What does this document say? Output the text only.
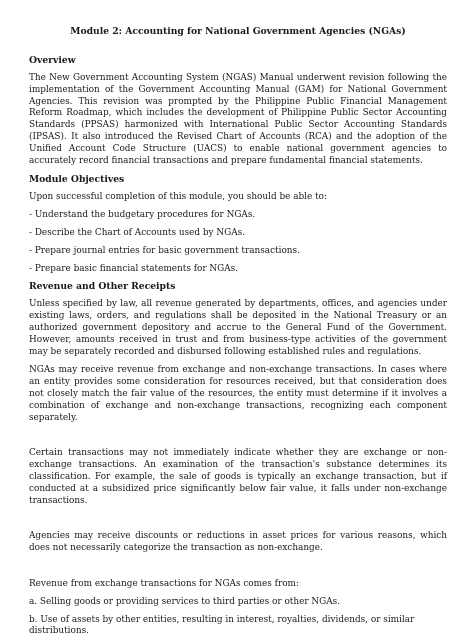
Module 2: Accounting for National Government Agencies (NGAs)
Overview
The New Government Accounting System (NGAS) Manual underwent revision following the implementation of the Government Accounting Manual (GAM) for National Government Agencies. This revision was prompted by the Philippine Public Financial Management Reform Roadmap, which includes the development of Philippine Public Sector Accounting Standards (PPSAS) harmonized with International Public Sector Accounting Standards (IPSAS). It also introduced the Revised Chart of Accounts (RCA) and the adoption of the Unified Account Code Structure (UACS) to enable national government agencies to accurately record financial transactions and prepare fundamental financial statements.
Module Objectives
Upon successful completion of this module, you should be able to:
- Understand the budgetary procedures for NGAs.
- Describe the Chart of Accounts used by NGAs.
- Prepare journal entries for basic government transactions.
- Prepare basic financial statements for NGAs.
Revenue and Other Receipts
Unless specified by law, all revenue generated by departments, offices, and agencies under existing laws, orders, and regulations shall be deposited in the National Treasury or an authorized government depository and accrue to the General Fund of the Government. However, amounts received in trust and from business-type activities of the government may be separately recorded and disbursed following established rules and regulations.
NGAs may receive revenue from exchange and non-exchange transactions. In cases where an entity provides some consideration for resources received, but that consideration does not closely match the fair value of the resources, the entity must determine if it involves a combination of exchange and non-exchange transactions, recognizing each component separately.
Certain transactions may not immediately indicate whether they are exchange or non-exchange transactions. An examination of the transaction's substance determines its classification. For example, the sale of goods is typically an exchange transaction, but if conducted at a subsidized price significantly below fair value, it falls under non-exchange transactions.
Agencies may receive discounts or reductions in asset prices for various reasons, which does not necessarily categorize the transaction as non-exchange.
Revenue from exchange transactions for NGAs comes from:
a. Selling goods or providing services to third parties or other NGAs.
b. Use of assets by other entities, resulting in interest, royalties, dividends, or similar distributions.
